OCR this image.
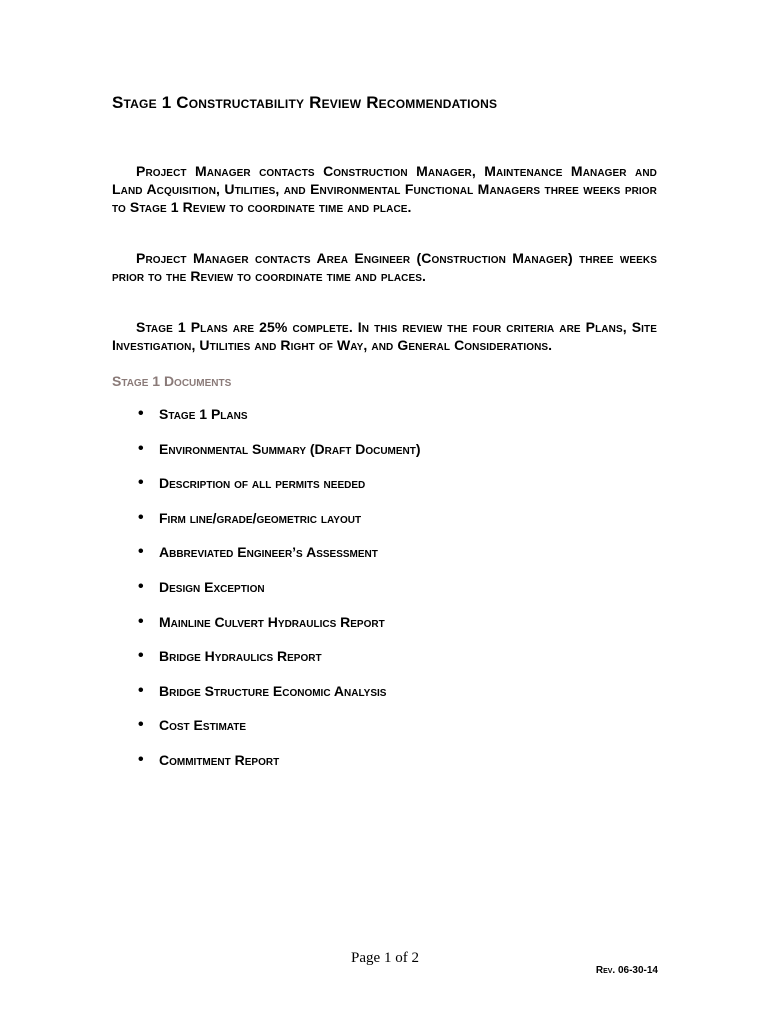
Stage 1 Constructability Review Recommendations

Project Manager contacts Construction Manager, Maintenance Manager and Land Acquisition, Utilities, and Environmental Functional Managers three weeks prior to Stage 1 Review to coordinate time and place.

Project Manager contacts Area Engineer (Construction Manager) three weeks prior to the Review to coordinate time and places.

Stage 1 Plans are 25% complete. In this review the four criteria are Plans, Site Investigation, Utilities and Right of Way, and General Considerations.

Stage 1 Documents
• Stage 1 Plans
• Environmental Summary (Draft Document)
• Description of all permits needed
• Firm line/grade/geometric layout
• Abbreviated Engineer’s Assessment
• Design Exception
• Mainline Culvert Hydraulics Report
• Bridge Hydraulics Report
• Bridge Structure Economic Analysis
• Cost Estimate
• Commitment Report
Page 1 of 2
Rev. 06-30-14
